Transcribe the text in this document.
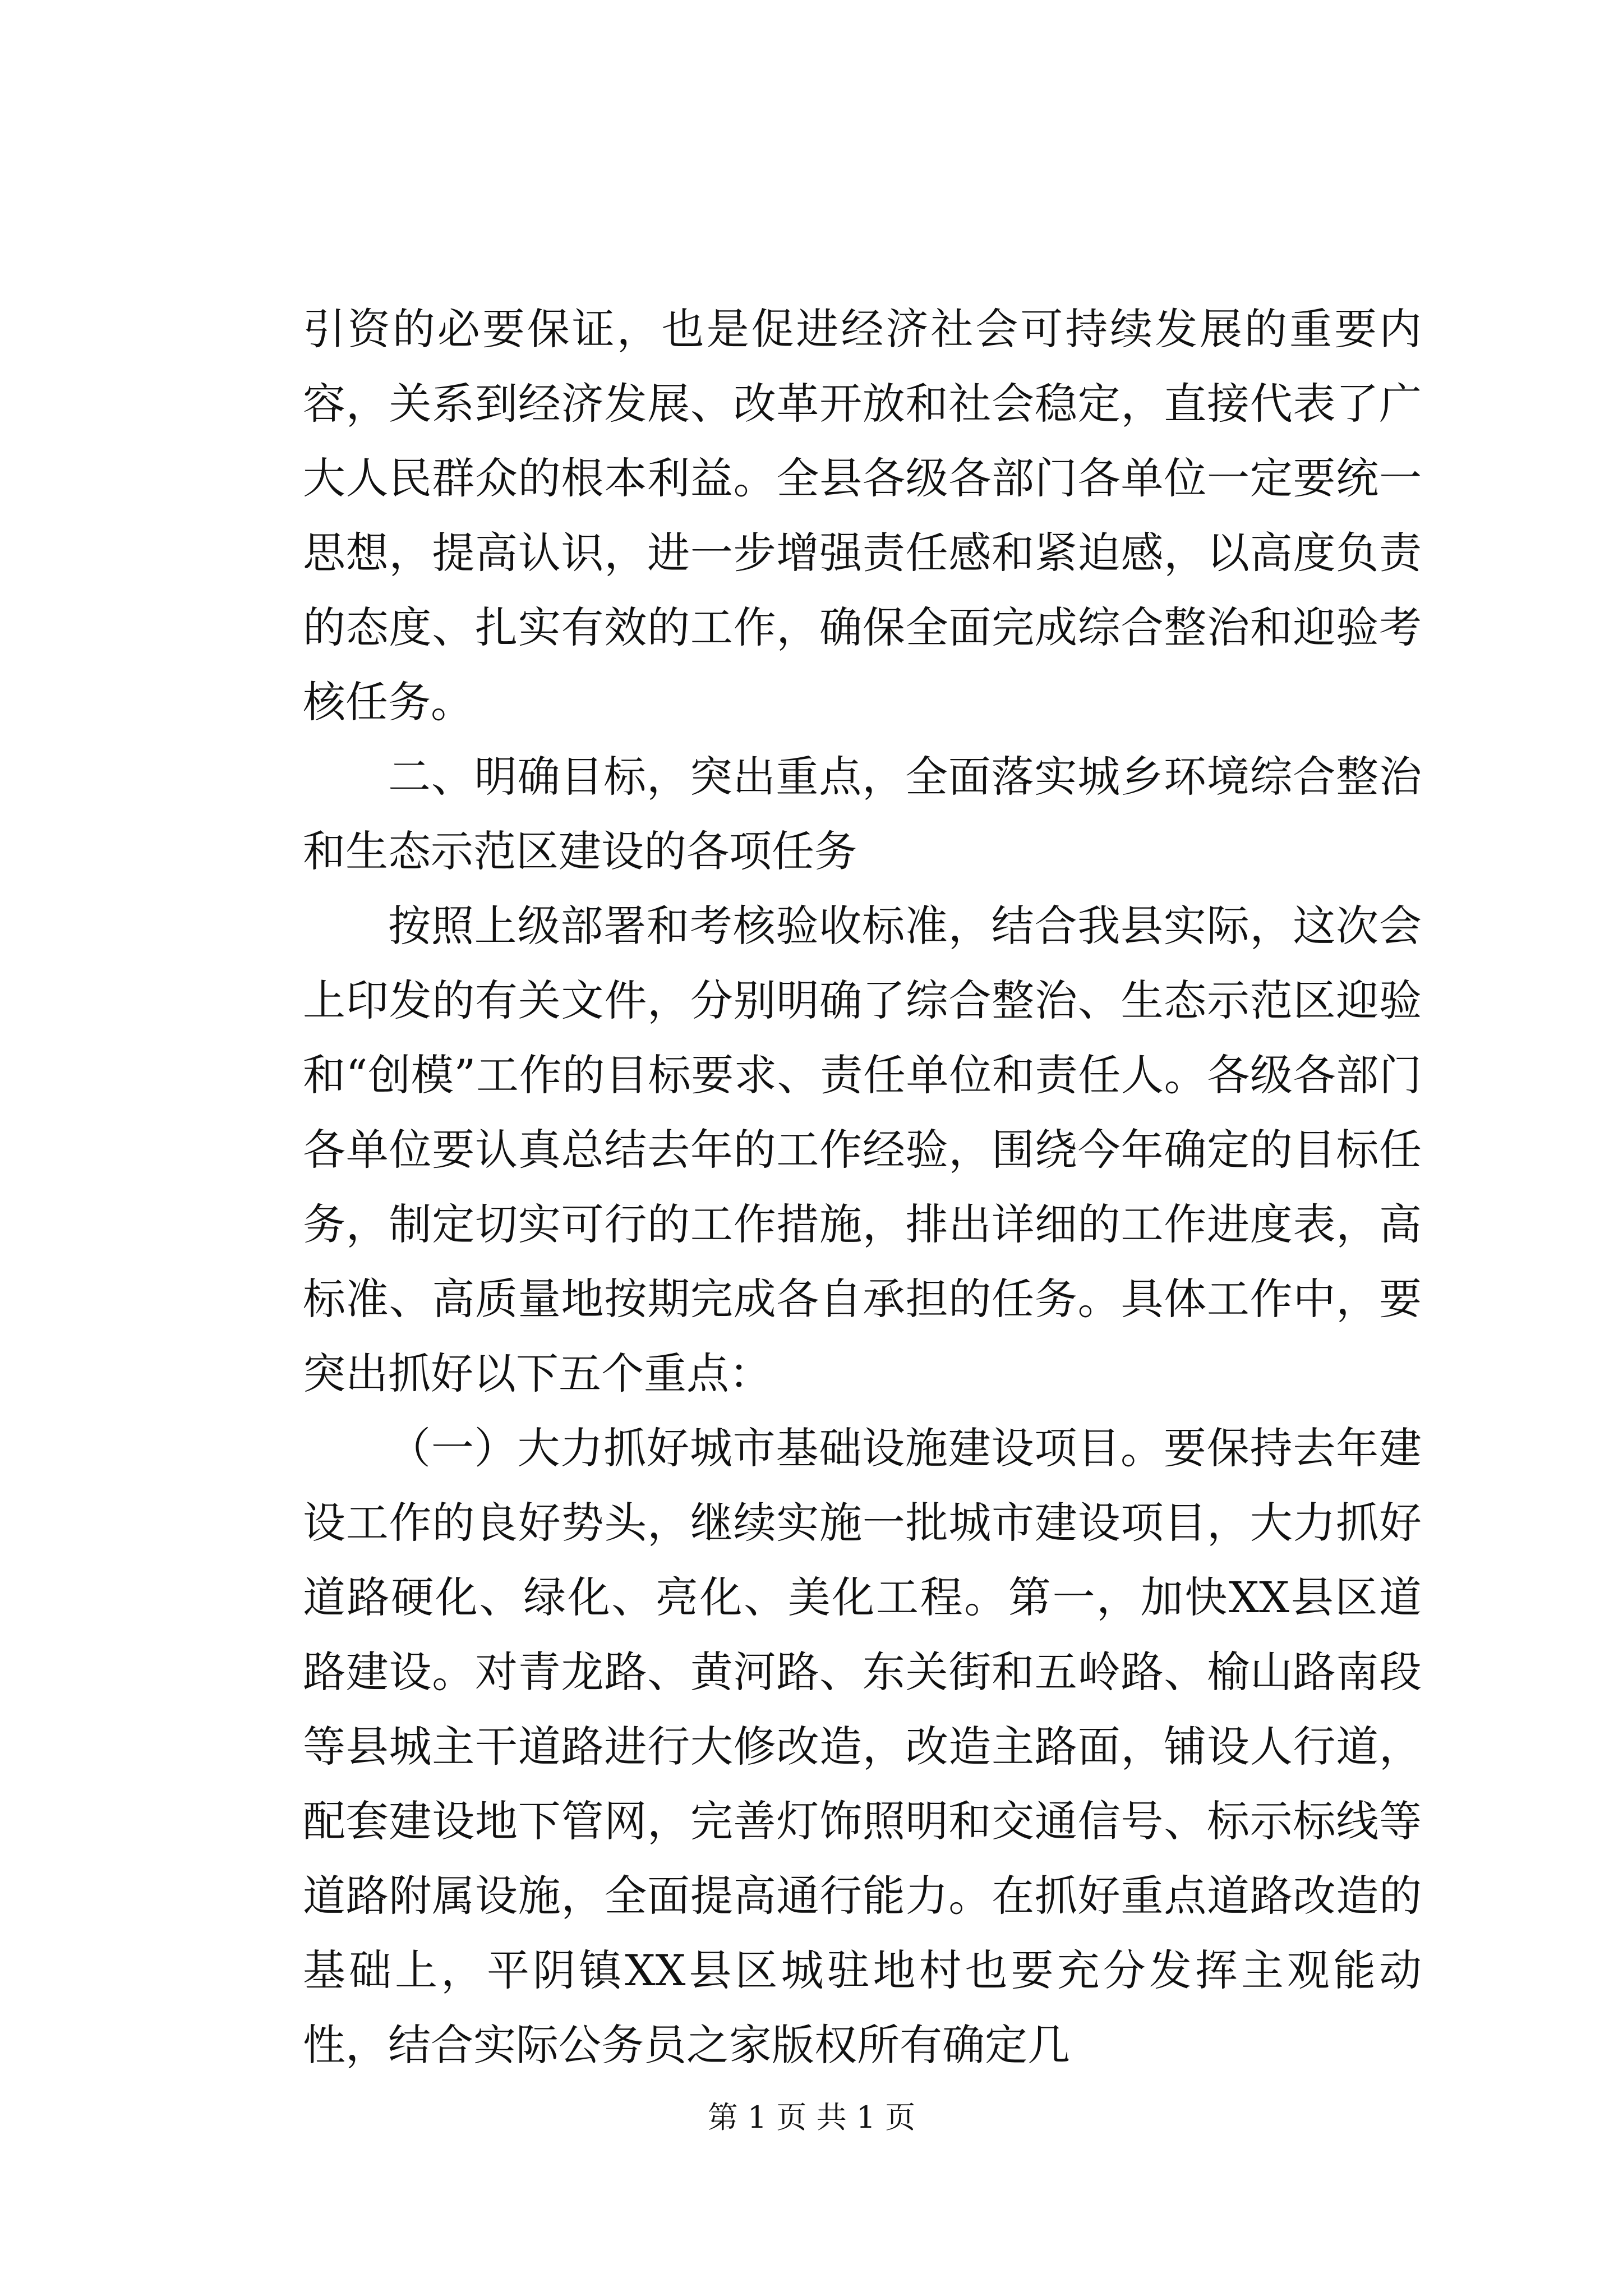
引资的必要保证，也是促进经济社会可持续发展的重要内容，关系到经济发展、改革开放和社会稳定，直接代表了广大人民群众的根本利益。全县各级各部门各单位一定要统一思想，提高认识，进一步增强责任感和紧迫感，以高度负责的态度、扎实有效的工作，确保全面完成综合整治和迎验考核任务。

二、明确目标，突出重点，全面落实城乡环境综合整治和生态示范区建设的各项任务

按照上级部署和考核验收标准，结合我县实际，这次会上印发的有关文件，分别明确了综合整治、生态示范区迎验和“创模”工作的目标要求、责任单位和责任人。各级各部门各单位要认真总结去年的工作经验，围绕今年确定的目标任务，制定切实可行的工作措施，排出详细的工作进度表，高标准、高质量地按期完成各自承担的任务。具体工作中，要突出抓好以下五个重点：

（一）大力抓好城市基础设施建设项目。要保持去年建设工作的良好势头，继续实施一批城市建设项目，大力抓好道路硬化、绿化、亮化、美化工程。第一，加快XX县区道路建设。对青龙路、黄河路、东关街和五岭路、榆山路南段等县城主干道路进行大修改造，改造主路面，铺设人行道，配套建设地下管网，完善灯饰照明和交通信号、标示标线等道路附属设施，全面提高通行能力。在抓好重点道路改造的基础上，平阴镇XX县区城驻地村也要充分发挥主观能动性，结合实际公务员之家版权所有确定几

第 1 页 共 1 页
